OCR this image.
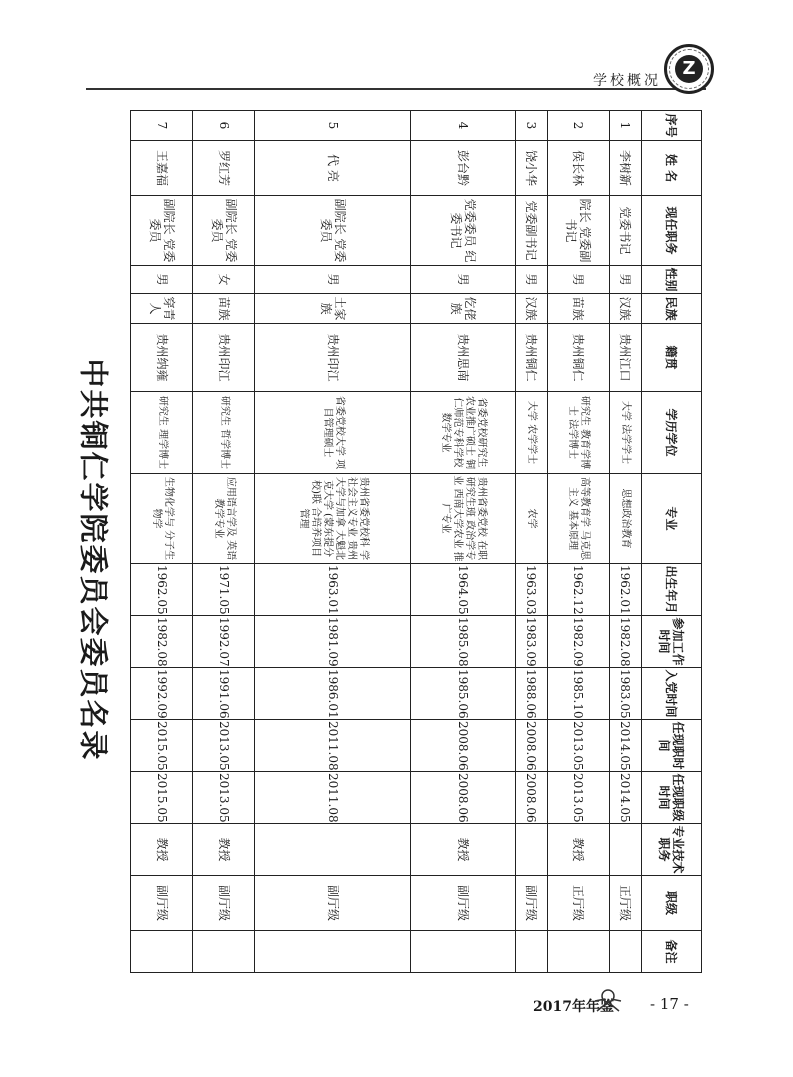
学校概况
Z
中共铜仁学院委员会委员名录
序号	姓 名	现任职务	性别	民族	籍贯	学历学位	专业	出生年月	参加工作时间	入党时间	任现职时 间	任现职级时间	专业技术职务	职级	备注
1	李树新	党委书记	男	汉族	贵州江口	大学 法学学士	思想政治教育	1962.01	1982.08	1983.05	2014.05	2014.05		正厅级	
2	侯长林	院长 党委副书记	男	苗族	贵州铜仁	研究生 教育学博士 法学博士	高等教育学 马克思主义 基本原理	1962.12	1982.09	1985.10	2013.05	2013.05	教授	正厅级	
3	饶小华	党委副书记	男	汉族	贵州铜仁	大学 农学学士	农学	1963.03	1983.09	1988.06	2008.06	2008.06		副厅级	
4	彭台黔	党委委员 纪委书记	男	仡佬族	贵州思南	省委党校研究生 农业推广硕士 铜仁师范专科学校数学专业	贵州省委党校 在职研究生班 政治学专业 西南大学农业 推广专业	1964.05	1985.08	1985.06	2008.06	2008.06	教授	副厅级	
5	代 亮	副院长 党委委员	男	土家族	贵州印江	省委党校大学 项目管理硕士	贵州省委党校科 学社会主义专业 贵州大学与加拿 大魁北克大学 (蒙东提分校)联 合培养项目管理	1963.01	1981.09	1986.01	2011.08	2011.08		副厅级	
6	罗红芳	副院长 党委委员	女	苗族	贵州印江	研究生 哲学博士	应用语言学及 英语教学专业	1971.05	1992.07	1991.06	2013.05	2013.05	教授	副厅级	
7	王嘉福	副院长 党委委员	男	穿青人	贵州纳雍	研究生 理学博士	生物化学与 分子生物学	1962.05	1982.08	1992.09	2015.05	2015.05	教授	副厅级	
2017年年鉴 - 17 -
